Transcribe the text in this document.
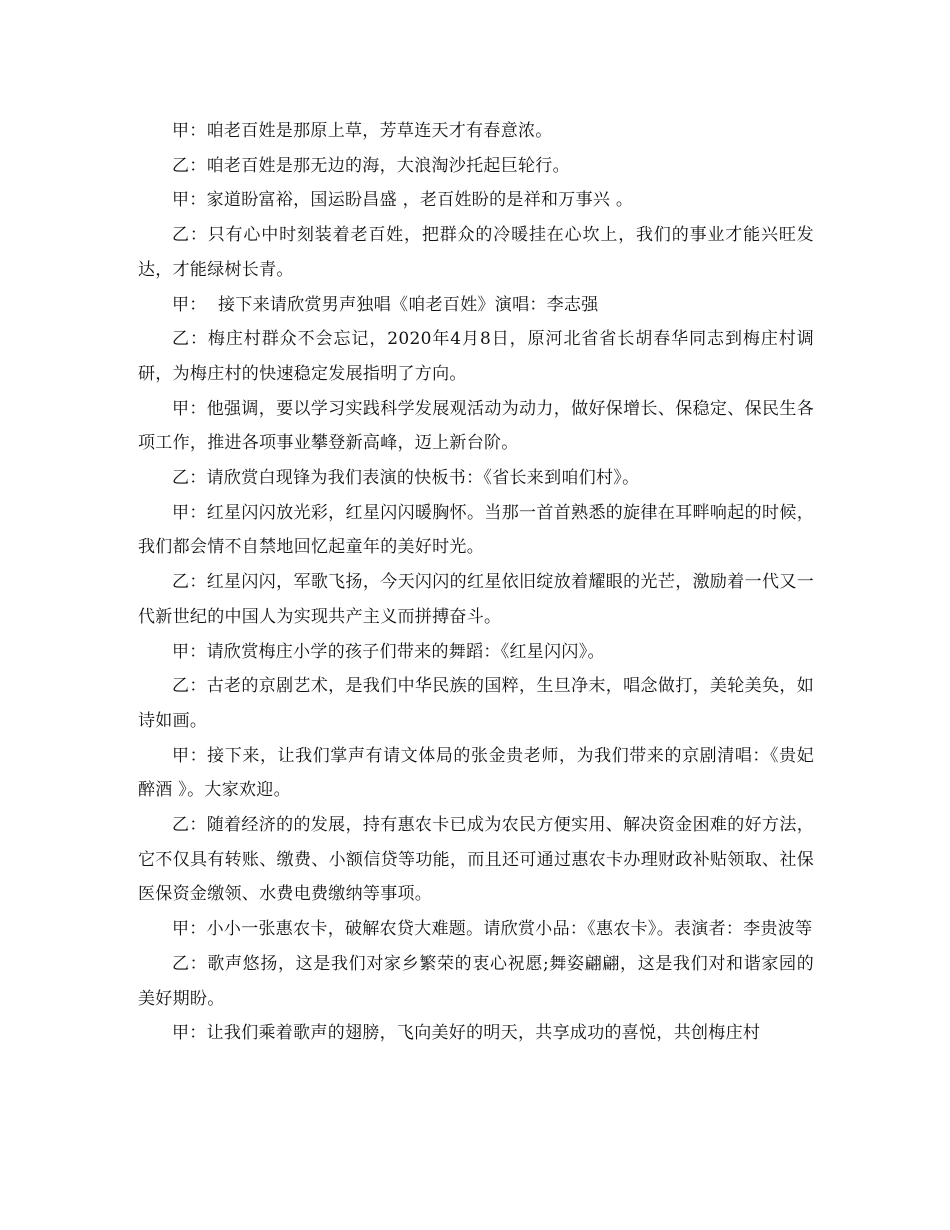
甲：咱老百姓是那原上草，芳草连天才有春意浓。

乙：咱老百姓是那无边的海，大浪淘沙托起巨轮行。

甲：家道盼富裕，国运盼昌盛 ，老百姓盼的是祥和万事兴 。

乙：只有心中时刻装着老百姓，把群众的冷暖挂在心坎上，我们的事业才能兴旺发达，才能绿树长青。

甲：  接下来请欣赏男声独唱《咱老百姓》演唱：李志强

乙：梅庄村群众不会忘记，2020年4月8日，原河北省省长胡春华同志到梅庄村调研，为梅庄村的快速稳定发展指明了方向。

甲：他强调，要以学习实践科学发展观活动为动力，做好保增长、保稳定、保民生各项工作，推进各项事业攀登新高峰，迈上新台阶。

乙：请欣赏白现锋为我们表演的快板书：《省长来到咱们村》。

甲：红星闪闪放光彩，红星闪闪暖胸怀。当那一首首熟悉的旋律在耳畔响起的时候，我们都会情不自禁地回忆起童年的美好时光。

乙：红星闪闪，军歌飞扬，今天闪闪的红星依旧绽放着耀眼的光芒，激励着一代又一代新世纪的中国人为实现共产主义而拼搏奋斗。

甲：请欣赏梅庄小学的孩子们带来的舞蹈：《红星闪闪》。

乙：古老的京剧艺术，是我们中华民族的国粹，生旦净末，唱念做打，美轮美奂，如诗如画。

甲：接下来，让我们掌声有请文体局的张金贵老师，为我们带来的京剧清唱：《贵妃醉酒 》。大家欢迎。

乙：随着经济的的发展，持有惠农卡已成为农民方便实用、解决资金困难的好方法，它不仅具有转账、缴费、小额信贷等功能，而且还可通过惠农卡办理财政补贴领取、社保医保资金缴领、水费电费缴纳等事项。

甲：小小一张惠农卡，破解农贷大难题。请欣赏小品：《惠农卡》。表演者：李贵波等

乙：歌声悠扬，这是我们对家乡繁荣的衷心祝愿;舞姿翩翩，这是我们对和谐家园的美好期盼。

甲：让我们乘着歌声的翅膀，飞向美好的明天，共享成功的喜悦，共创梅庄村
